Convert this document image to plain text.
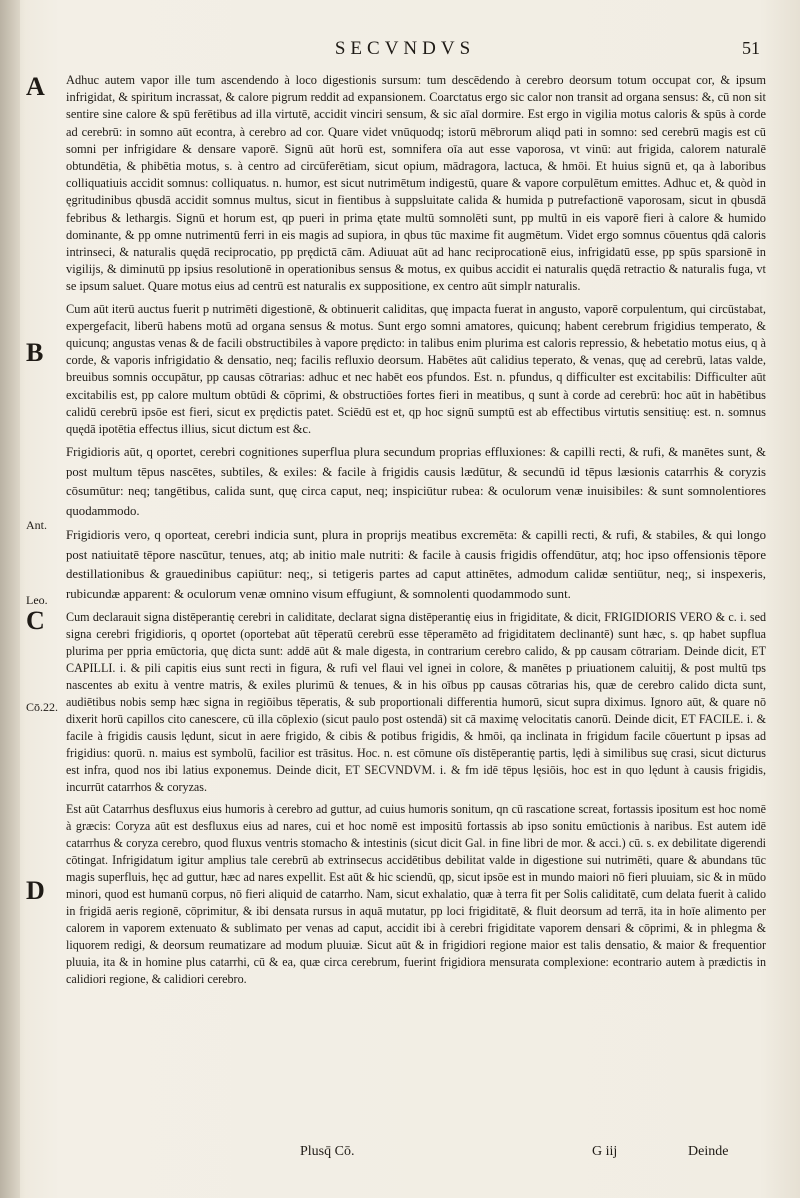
SECVNDVS	51
A
B
Ant.
Leo.
C
Cō.22.
D

Adhuc autem vapor ille tum ascendendo à loco digestionis sursum: tum descēdendo à cerebro deorsum totum occupat cor, & ipsum infrigidat, & spiritum incrassat, & calore pigrum reddit ad expansionem. Coarctatus ergo sic calor non transit ad organa sensus: &, cū non sit sentire sine calore & spū ferētibus ad illa virtutē, accidit vinciri sensum, & sic aīal dormire. Est ergo in vigilia motus caloris & spūs à corde ad cerebrū: in somno aūt econtra, à cerebro ad cor. Quare videt vnūquodq; istorū mēbrorum aliqd pati in somno: sed cerebrū magis est cū somni per infrigidare & densare vaporē. Signū aūt horū est, somnifera oīa aut esse vaporosa, vt vinū: aut frigida, calorem naturalē obtundētia, & phibētia motus, s. à centro ad circūferētiam, sicut opium, mādragora, lactuca, & hmōi. Et huius signū et, qa à laboribus colliquatiuis accidit somnus: colliquatus. n. humor, est sicut nutrimētum indigestū, quare & vapore corpulētum emittes. Adhuc et, & quòd in ęgritudinibus qbusdā accidit somnus multus, sicut in fientibus à suppsluitate calida & humida p putrefactionē vaporosam, sicut in qbusdā febribus & lethargis. Signū et horum est, qp pueri in prima ętate multū somnolēti sunt, pp multū in eis vaporē fieri à calore & humido dominante, & pp omne nutrimentū ferri in eis magis ad supiora, in qbus tūc maxime fit augmētum. Videt ergo somnus cōuentus qdā caloris intrinseci, & naturalis quędā reciprocatio, pp prędictā cām. Adiuuat aūt ad hanc reciprocationē eius, infrigidatū esse, pp spūs sparsionē in vigilijs, & diminutū pp ipsius resolutionē in operationibus sensus & motus, ex quibus accidit ei naturalis quędā retractio & naturalis fuga, vt se ipsum saluet. Quare motus eius ad centrū est naturalis ex suppositione, ex centro aūt simplr naturalis.

Cum aūt iterū auctus fuerit p nutrimēti digestionē, & obtinuerit caliditas, quę impacta fuerat in angusto, vaporē corpulentum, qui circūstabat, expergefacit, liberū habens motū ad organa sensus & motus. Sunt ergo somni amatores, quicunq; habent cerebrum frigidius temperato, & quicunq; angustas venas & de facili obstructibiles à vapore prędicto: in talibus enim plurima est caloris repressio, & hebetatio motus eius, q à corde, & vaporis infrigidatio & densatio, neq; facilis refluxio deorsum. Habētes aūt calidius teperato, & venas, quę ad cerebrū, latas valde, breuibus somnis occupātur, pp causas cōtrarias: adhuc et nec habēt eos pfundos. Est. n. pfundus, q difficulter est excitabilis: Difficulter aūt excitabilis est, pp calore multum obtūdi & cōprimi, & obstructiōes fortes fieri in meatibus, q sunt à corde ad cerebrū: hoc aūt in habētibus calidū cerebrū ipsōe est fieri, sicut ex prędictis patet. Sciēdū est et, qp hoc signū sumptū est ab effectibus virtutis sensitiuę: est. n. somnus quędā ipotētia effectus illius, sicut dictum est &c.

Frigidioris aūt, q oportet, cerebri cognitiones superflua plura secundum proprias effluxiones: & capilli recti, & rufi, & manētes sunt, & post multum tēpus nascētes, subtiles, & exiles: & facile à frigidis causis lædūtur, & secundū id tēpus læsionis catarrhis & coryzis cōsumūtur: neq; tangētibus, calida sunt, quę circa caput, neq; inspiciūtur rubea: & oculorum venæ inuisibiles: & sunt somnolentiores quodammodo.

Frigidioris vero, q oporteat, cerebri indicia sunt, plura in proprijs meatibus excremēta: & capilli recti, & rufi, & stabiles, & qui longo post natiuitatē tēpore nascūtur, tenues, atq; ab initio male nutriti: & facile à causis frigidis offendūtur, atq; hoc ipso offensionis tēpore destillationibus & grauedinibus capiūtur: neq;, si tetigeris partes ad caput attinētes, admodum calidæ sentiūtur, neq;, si inspexeris, rubicundæ apparent: & oculorum venæ omnino visum effugiunt, & somnolenti quodammodo sunt.

Cum declarauit signa distēperantię cerebri in caliditate, declarat signa distēperantię eius in frigiditate, & dicit, FRIGIDIORIS VERO & c. i. sed signa cerebri frigidioris, q oportet (oportebat aūt tēperatū cerebrū esse tēperamēto ad frigiditatem declinantē) sunt hæc, s. qp habet supflua plurima per ppria emūctoria, quę dicta sunt: addē aūt & male digesta, in contrarium cerebro calido, & pp causam cōtrariam. Deinde dicit, ET CAPILLI. i. & pili capitis eius sunt recti in figura, & rufi vel flaui vel ignei in colore, & manētes p priuationem caluitij, & post multū tps nascentes ab exitu à ventre matris, & exiles plurimū & tenues, & in his oībus pp causas cōtrarias his, quæ de cerebro calido dicta sunt, audiētibus nobis semp hæc signa in regiōibus tēperatis, & sub proportionali differentia humorū, sicut supra diximus. Ignoro aūt, & quare nō dixerit horū capillos cito canescere, cū illa cōplexio (sicut paulo post ostendā) sit cā maximę velocitatis canorū. Deinde dicit, ET FACILE. i. & facile à frigidis causis lędunt, sicut in aere frigido, & cibis & potibus frigidis, & hmōi, qa inclinata in frigidum facile cōuertunt p ipsas ad frigidius: quorū. n. maius est symbolū, facilior est trāsitus. Hoc. n. est cōmune oīs distēperantię partis, lędi à similibus suę crasi, sicut dicturus est infra, quod nos ibi latius exponemus. Deinde dicit, ET SECVNDVM. i. & fm idē tēpus lęsiōis, hoc est in quo lędunt à causis frigidis, incurrūt catarrhos & coryzas.

Est aūt Catarrhus desfluxus eius humoris à cerebro ad guttur, ad cuius humoris sonitum, qn cū rascatione screat, fortassis ipositum est hoc nomē à græcis: Coryza aūt est desfluxus eius ad nares, cui et hoc nomē est impositū fortassis ab ipso sonitu emūctionis à naribus. Est autem idē catarrhus & coryza cerebro, quod fluxus ventris stomacho & intestinis (sicut dicit Gal. in fine libri de mor. & acci.) cū. s. ex debilitate digerendi cōtingat. Infrigidatum igitur amplius tale cerebrū ab extrinsecus accidētibus debilitat valde in digestione sui nutrimēti, quare & abundans tūc magis superfluis, hęc ad guttur, hæc ad nares expellit. Est aūt & hic sciendū, qp, sicut ipsōe est in mundo maiori nō fieri pluuiam, sic & in mūdo minori, quod est humanū corpus, nō fieri aliquid de catarrho. Nam, sicut exhalatio, quæ à terra fit per Solis caliditatē, cum delata fuerit à calido in frigidā aeris regionē, cōprimitur, & ibi densata rursus in aquā mutatur, pp loci frigiditatē, & fluit deorsum ad terrā, ita in hoīe alimento per calorem in vaporem extenuato & sublimato per venas ad caput, accidit ibi à cerebri frigiditate vaporem densari & cōprimi, & in phlegma & liquorem redigi, & deorsum reumatizare ad modum pluuiæ. Sicut aūt & in frigidiori regione maior est talis densatio, & maior & frequentior pluuia, ita & in homine plus catarrhi, cū & ea, quæ circa cerebrum, fuerint frigidiora mensurata complexione: econtrario autem à prædictis in calidiori regione, & calidiori cerebro.

Plusq̄ Cō.	G iij	Deinde
